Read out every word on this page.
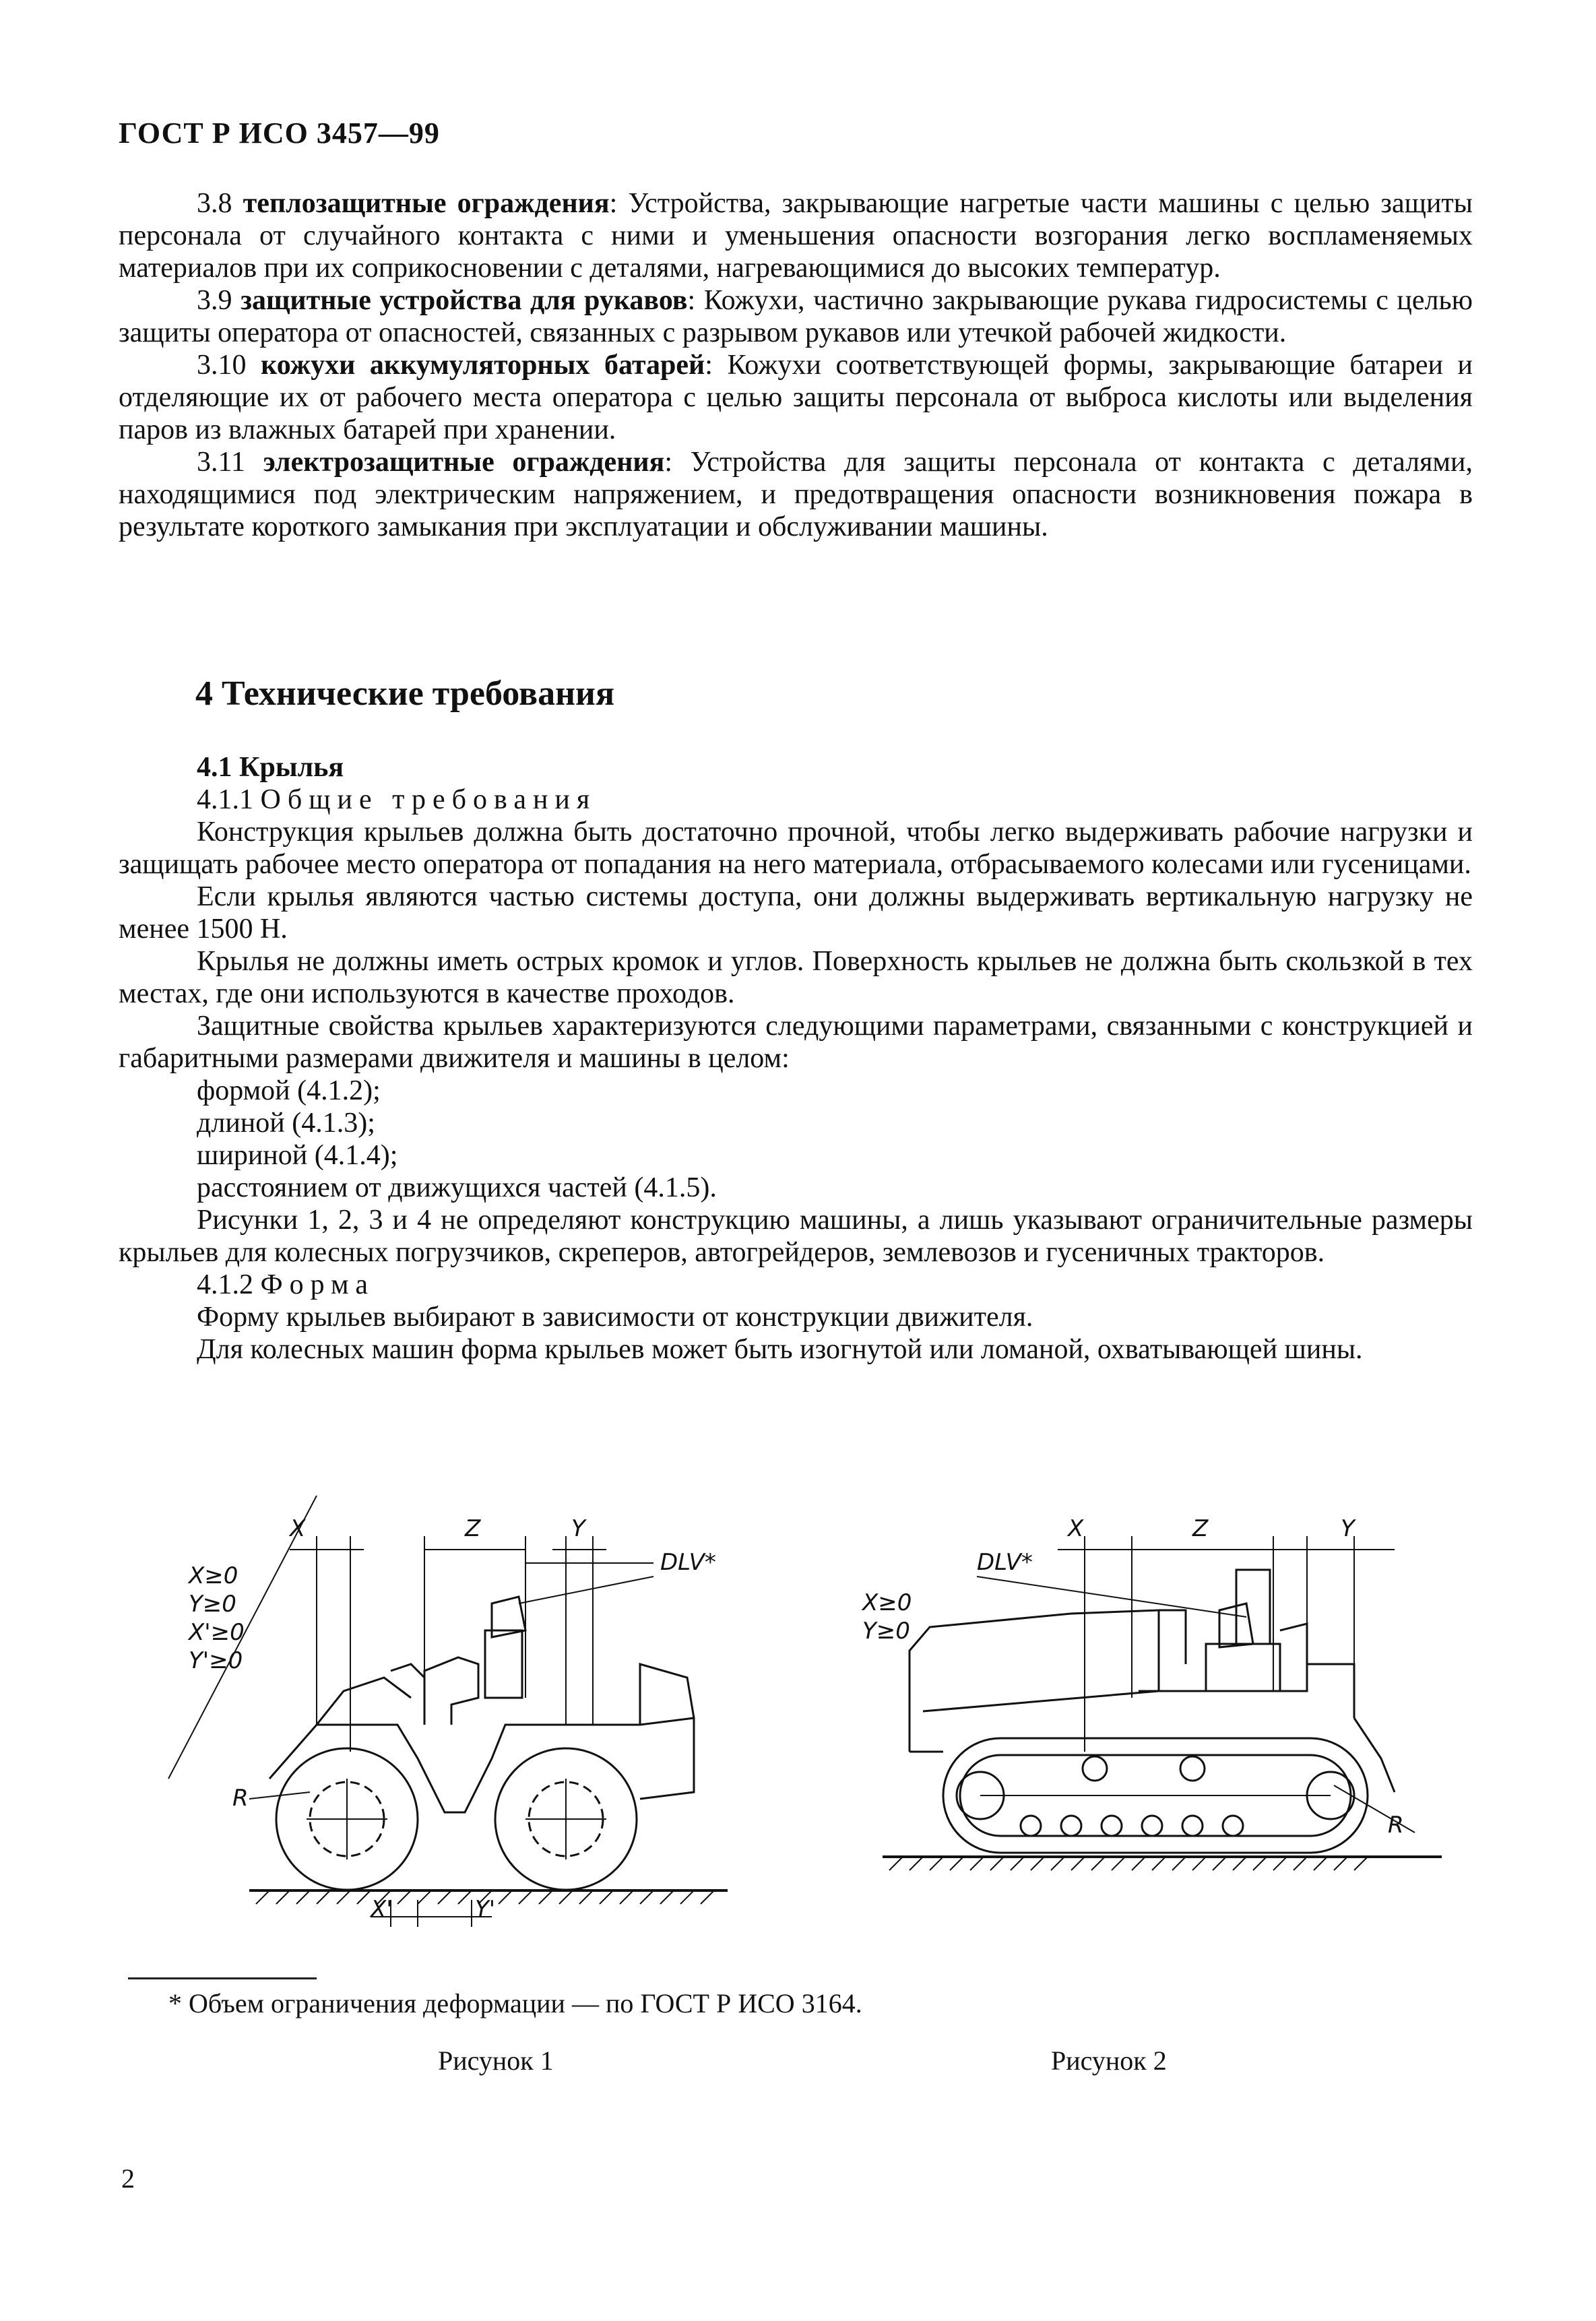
ГОСТ Р ИСО 3457—99

3.8 теплозащитные ограждения: Устройства, закрывающие нагретые части машины с целью защиты персонала от случайного контакта с ними и уменьшения опасности возгорания легко воспламеняемых материалов при их соприкосновении с деталями, нагревающимися до высоких температур.

3.9 защитные устройства для рукавов: Кожухи, частично закрывающие рукава гидросистемы с целью защиты оператора от опасностей, связанных с разрывом рукавов или утечкой рабочей жидкости.

3.10 кожухи аккумуляторных батарей: Кожухи соответствующей формы, закрывающие батареи и отделяющие их от рабочего места оператора с целью защиты персонала от выброса кислоты или выделения паров из влажных батарей при хранении.

3.11 электрозащитные ограждения: Устройства для защиты персонала от контакта с деталями, находящимися под электрическим напряжением, и предотвращения опасности возникновения пожара в результате короткого замыкания при эксплуатации и обслуживании машины.

4 Технические требования

4.1 Крылья

4.1.1 Общие требования

Конструкция крыльев должна быть достаточно прочной, чтобы легко выдерживать рабочие нагрузки и защищать рабочее место оператора от попадания на него материала, отбрасываемого колесами или гусеницами.

Если крылья являются частью системы доступа, они должны выдерживать вертикальную нагрузку не менее 1500 Н.

Крылья не должны иметь острых кромок и углов. Поверхность крыльев не должна быть скользкой в тех местах, где они используются в качестве проходов.

Защитные свойства крыльев характеризуются следующими параметрами, связанными с конструкцией и габаритными размерами движителя и машины в целом:

формой (4.1.2);

длиной (4.1.3);

шириной (4.1.4);

расстоянием от движущихся частей (4.1.5).

Рисунки 1, 2, 3 и 4 не определяют конструкцию машины, а лишь указывают ограничительные размеры крыльев для колесных погрузчиков, скреперов, автогрейдеров, землевозов и гусеничных тракторов.

4.1.2 Форма

Форму крыльев выбирают в зависимости от конструкции движителя.

Для колесных машин форма крыльев может быть изогнутой или ломаной, охватывающей шины.

X	Z	Y
DLV*
R
X'	Y'
X≥0
Y≥0
X'≥0
Y'≥0
X	Z	Y
DLV*
R
X≥0
Y≥0
* Объем ограничения деформации — по ГОСТ Р ИСО 3164.
Рисунок 1	Рисунок 2
2
